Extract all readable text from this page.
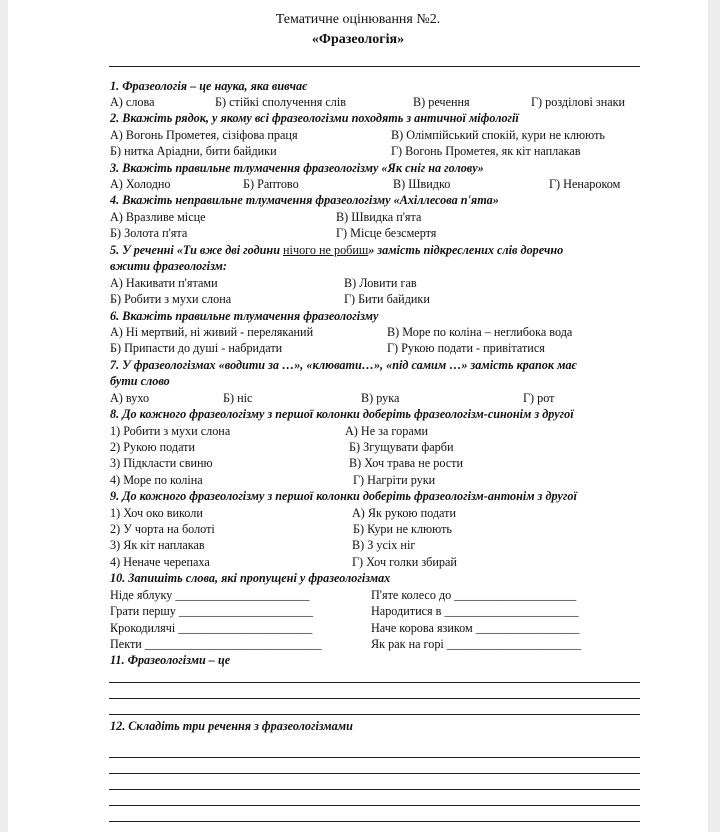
Тематичне оцінювання №2.
«Фразеологія»
1. Фразеологія – це наука, яка вивчає
А) слова	Б) стійкі сполучення слів	В) речення	Г) розділові знаки
2. Вкажіть рядок, у якому всі фразеологізми походять з античної міфології
А) Вогонь Прометея, сізіфова праця	В) Олімпійський спокій, кури не клюють
Б) нитка Аріадни, бити байдики	Г) Вогонь Прометея, як кіт наплакав
3. Вкажіть правильне тлумачення фразеологізму «Як сніг на голову»
А) Холодно	Б) Раптово	В) Швидко	Г) Ненароком
4. Вкажіть неправильне тлумачення фразеологізму «Ахіллесова п'ята»
А) Вразливе місце	В) Швидка п'ята
Б) Золота п'ята	Г) Місце безсмертя
5. У реченні «Ти вже дві години нічого не робиш» замість підкреслених слів доречно
вжити фразеологізм:
А) Накивати п'ятами	В) Ловити гав
Б) Робити з мухи слона	Г) Бити байдики
6. Вкажіть правильне тлумачення фразеологізму
А) Ні мертвий, ні живий - переляканий	В) Море по коліна – неглибока вода
Б) Припасти до душі - набридати	Г) Рукою подати - привітатися
7. У фразеологізмах «водити за …», «клювати…», «під самим …» замість крапок має
бути слово
А) вухо	Б) ніс	В) рука	Г) рот
8. До кожного фразеологізму з першої колонки доберіть фразеологізм-синонім з другої
1) Робити з мухи слона	А) Не за горами
2) Рукою подати	Б) Згущувати фарби
3) Підкласти свиню	В) Хоч трава не рости
4) Море по коліна	Г) Нагріти руки
9. До кожного фразеологізму з першої колонки доберіть фразеологізм-антонім з другої
1) Хоч око виколи	А) Як рукою подати
2) У чорта на болоті	Б) Кури не клюють
3) Як кіт наплакав	В) З усіх ніг
4) Неначе черепаха	Г) Хоч голки збирай
10. Запишіть слова, які пропущені у фразеологізмах
Ніде яблуку ______________________	П'яте колесо до ____________________
Грати першу ______________________	Народитися в ______________________
Крокодилячі ______________________	Наче корова язиком _________________
Пекти _____________________________	Як рак на горі ______________________
11. Фразеологізми – це
12. Складіть три речення з фразеологізмами
